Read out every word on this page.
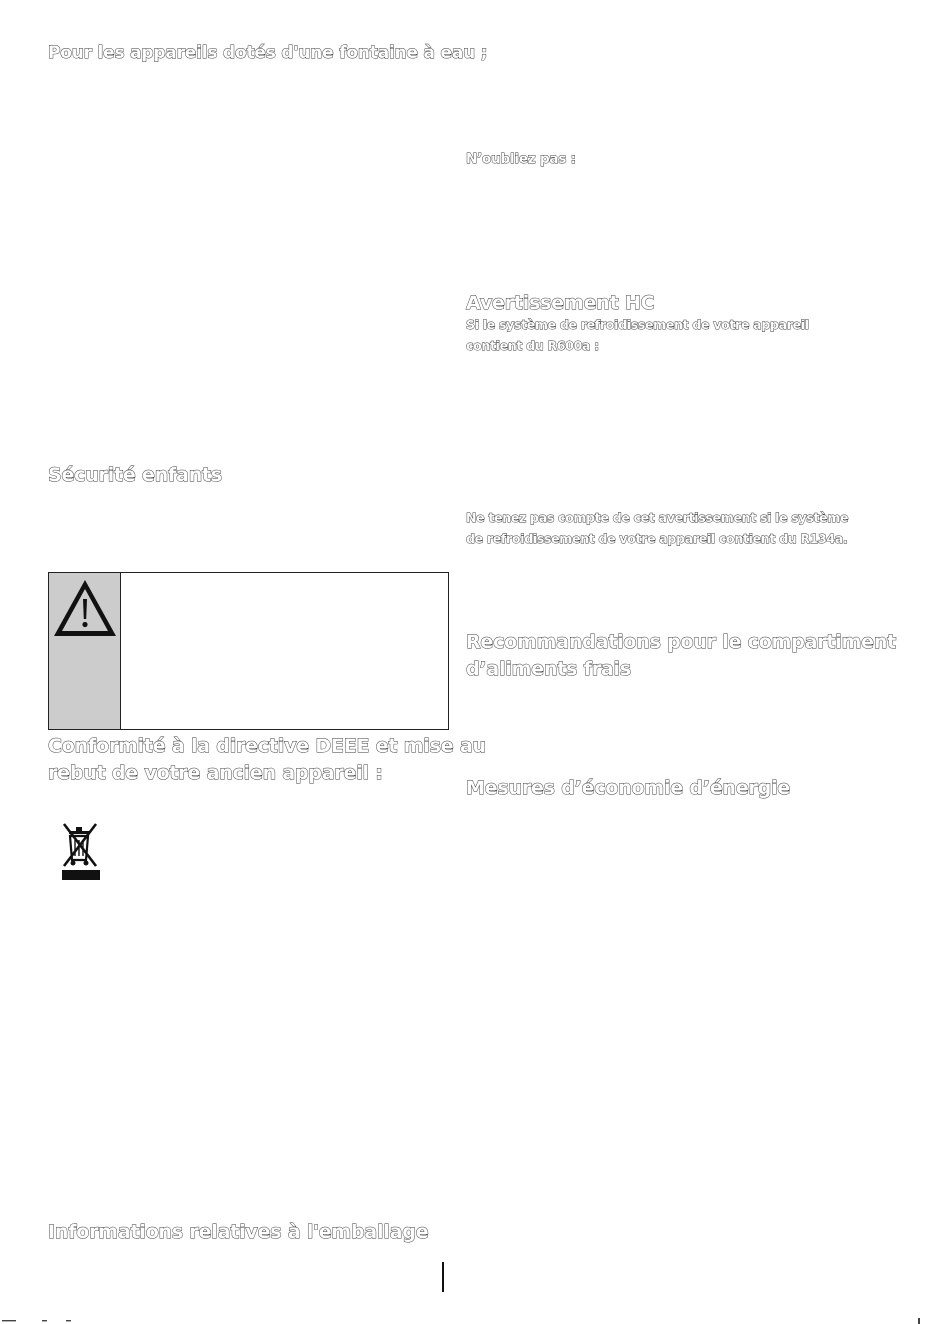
Pour les appareils dotés d'une fontaine à eau ;
Sécurité enfants
Conformité à la directive DEEE et mise au
rebut de votre ancien appareil :
Informations relatives à l'emballage
N’oubliez pas :
Avertissement HC
Si le système de refroidissement de votre appareil
contient du R600a :
Ne tenez pas compte de cet avertissement si le système
de refroidissement de votre appareil contient du R134a.
Recommandations pour le compartiment
d’aliments frais
Mesures d’économie d’énergie
